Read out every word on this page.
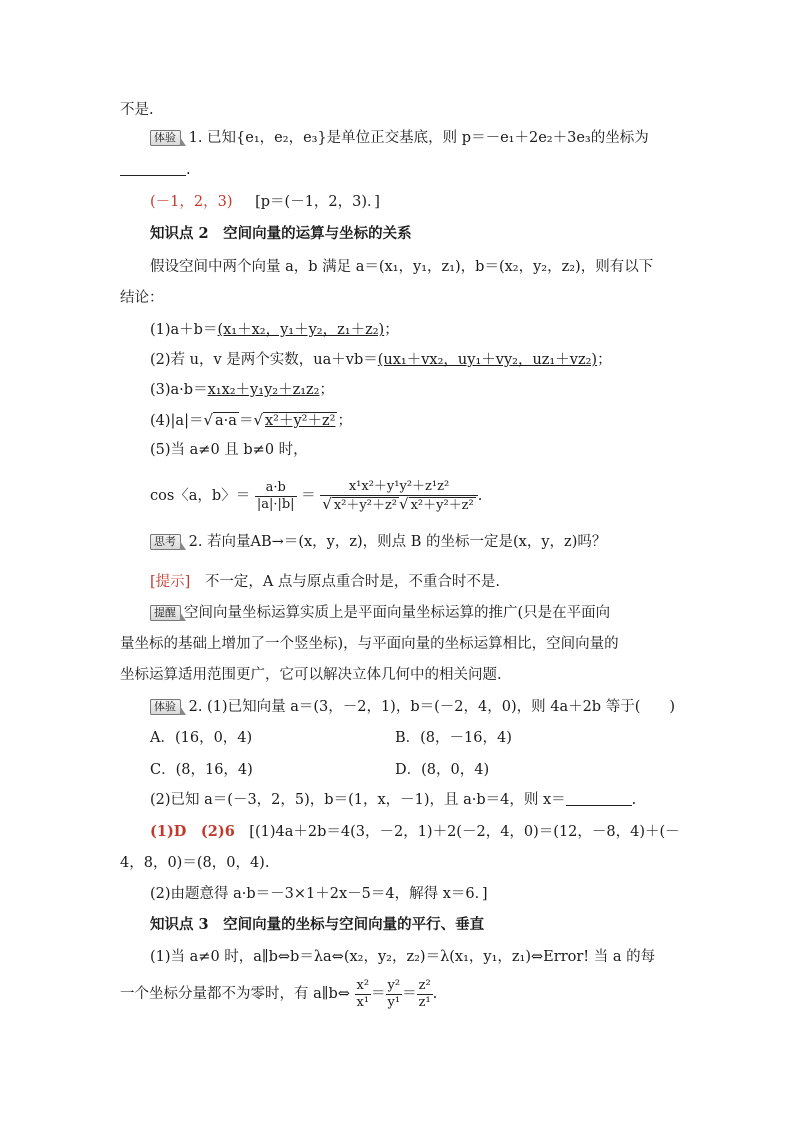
不是.
体验 1. 已知{e₁，e₂，e₃}是单位正交基底，则 p＝－e₁＋2e₂＋3e₃的坐标为
.
(－1，2，3) [p＝(－1，2，3)．]
知识点 2　空间向量的运算与坐标的关系
假设空间中两个向量 a，b 满足 a＝(x₁，y₁，z₁)，b＝(x₂，y₂，z₂)，则有以下
结论：
(1)a＋b＝(x₁＋x₂，y₁＋y₂，z₁＋z₂)；
(2)若 u，v 是两个实数，ua＋vb＝(ux₁＋vx₂，uy₁＋vy₂，uz₁＋vz₂)；
(3)a·b＝x₁x₂＋y₁y₂＋z₁z₂；
(4)|a|＝√ a·a ＝√ x²＋y²＋z² ；
(5)当 a≠0 且 b≠0 时，
cos〈a，b〉＝ $\frac{a\cdot b}{|a|\cdot|b|} = \frac{\text{x¹x²＋y¹y²＋z¹z²}}{\text{√ x²＋y²＋z² √ x²＋y²＋z²}}$ .
思考 2. 若向量AB→＝(x，y，z)，则点 B 的坐标一定是(x，y，z)吗？
[提示]　不一定，A 点与原点重合时是，不重合时不是.
提醒 空间向量坐标运算实质上是平面向量坐标运算的推广(只是在平面向
量坐标的基础上增加了一个竖坐标)，与平面向量的坐标运算相比，空间向量的
坐标运算适用范围更广，它可以解决立体几何中的相关问题.
体验 2. (1)已知向量 a＝(3，－2，1)，b＝(－2，4，0)，则 4a＋2b 等于(　　)
A．(16，0，4)	B．(8，－16，4)
C．(8，16，4)	D．(8，0，4)
(2)已知 a＝(－3，2，5)，b＝(1，x，－1)，且 a·b＝4，则 x＝	.
(1)D　(2)6　[(1)4a＋2b＝4(3，－2，1)＋2(－2，4，0)＝(12，－8，4)＋(－
4，8，0)＝(8，0，4).
(2)由题意得 a·b＝－3×1＋2x－5＝4，解得 x＝6．]
知识点 3　空间向量的坐标与空间向量的平行、垂直
(1)当 a≠0 时，a∥b⇔b＝λa⇔(x₂，y₂，z₂)＝λ(x₁，y₁，z₁)⇔Error! 当 a 的每
一个坐标分量都不为零时，有 a∥b⇔ $\frac{\text{x²}}{\text{x¹}} = \frac{\text{y²}}{\text{y¹}} = \frac{\text{z²}}{\text{z¹}}$ .
